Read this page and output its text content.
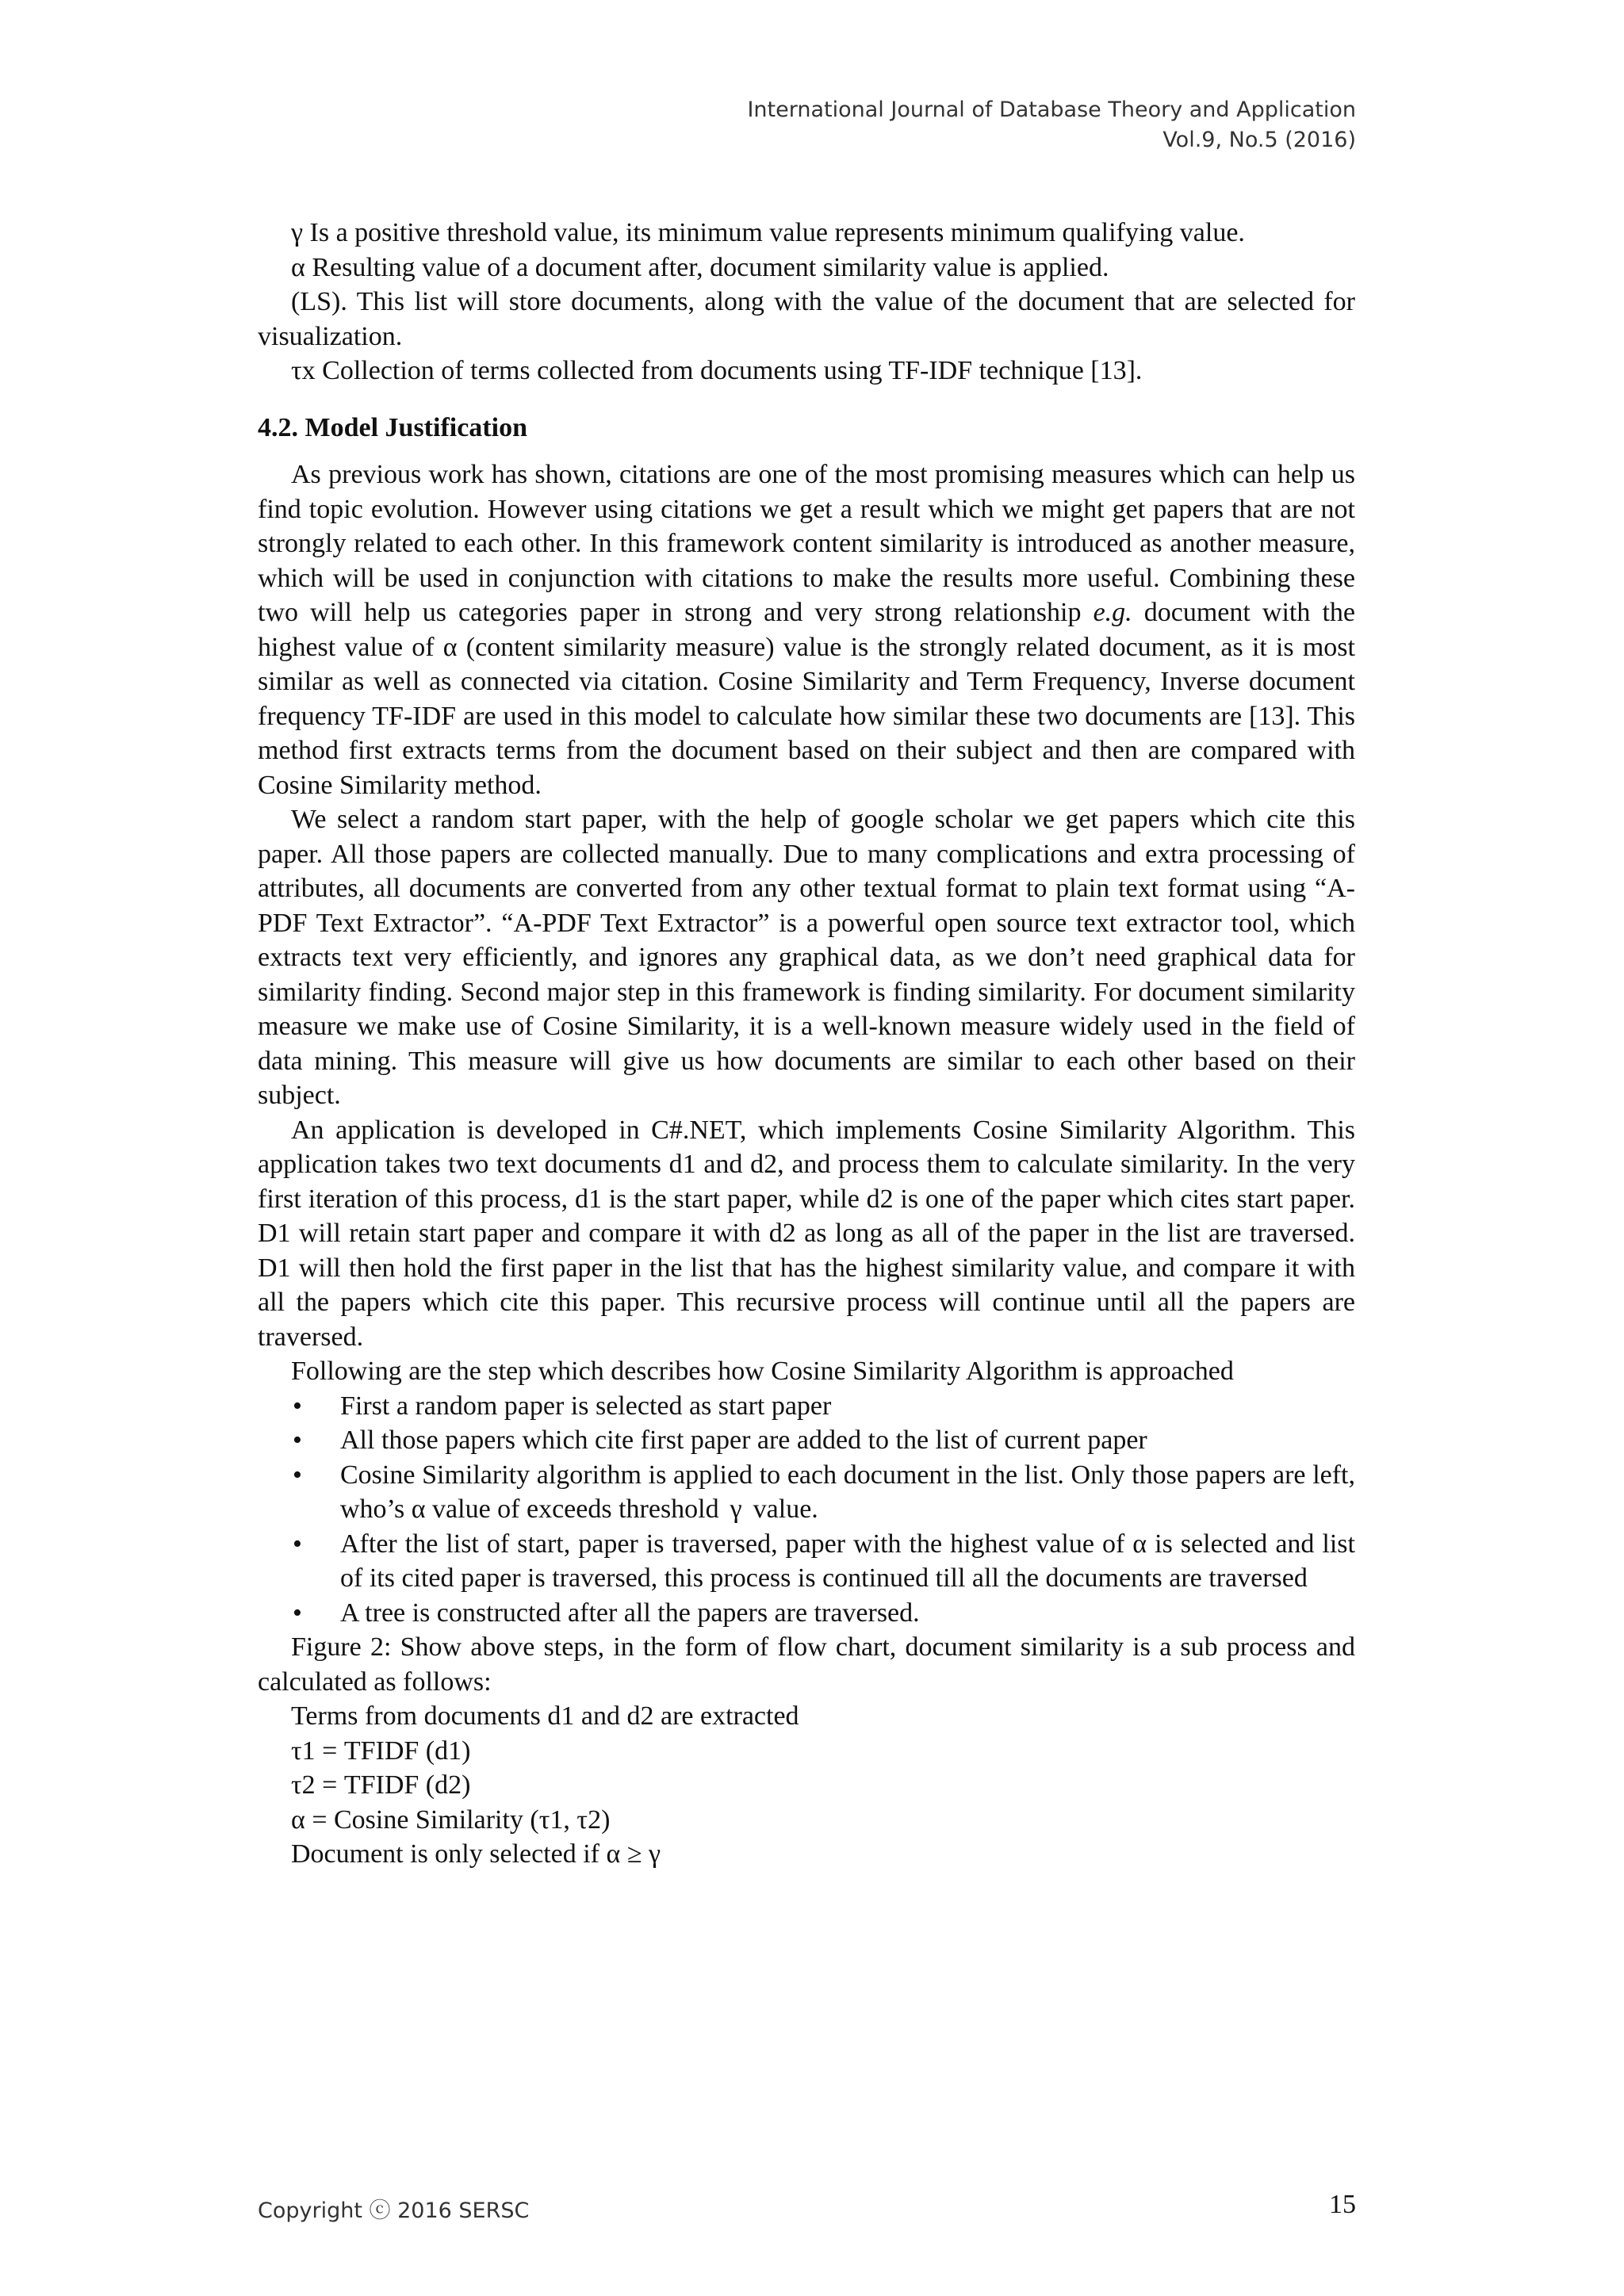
International Journal of Database Theory and Application
Vol.9, No.5 (2016)

γ Is a positive threshold value, its minimum value represents minimum qualifying value.

α Resulting value of a document after, document similarity value is applied.

(LS). This list will store documents, along with the value of the document that are selected for visualization.

τx Collection of terms collected from documents using TF-IDF technique [13].

4.2. Model Justification

As previous work has shown, citations are one of the most promising measures which can help us find topic evolution. However using citations we get a result which we might get papers that are not strongly related to each other. In this framework content similarity is introduced as another measure, which will be used in conjunction with citations to make the results more useful. Combining these two will help us categories paper in strong and very strong relationship e.g. document with the highest value of α (content similarity measure) value is the strongly related document, as it is most similar as well as connected via citation. Cosine Similarity and Term Frequency, Inverse document frequency TF-IDF are used in this model to calculate how similar these two documents are [13]. This method first extracts terms from the document based on their subject and then are compared with Cosine Similarity method.

We select a random start paper, with the help of google scholar we get papers which cite this paper. All those papers are collected manually. Due to many complications and extra processing of attributes, all documents are converted from any other textual format to plain text format using “A-PDF Text Extractor”. “A-PDF Text Extractor” is a powerful open source text extractor tool, which extracts text very efficiently, and ignores any graphical data, as we don’t need graphical data for similarity finding. Second major step in this framework is finding similarity. For document similarity measure we make use of Cosine Similarity, it is a well-known measure widely used in the field of data mining. This measure will give us how documents are similar to each other based on their subject.

An application is developed in C#.NET, which implements Cosine Similarity Algorithm. This application takes two text documents d1 and d2, and process them to calculate similarity. In the very first iteration of this process, d1 is the start paper, while d2 is one of the paper which cites start paper. D1 will retain start paper and compare it with d2 as long as all of the paper in the list are traversed. D1 will then hold the first paper in the list that has the highest similarity value, and compare it with all the papers which cite this paper. This recursive process will continue until all the papers are traversed.

Following are the step which describes how Cosine Similarity Algorithm is approached

• First a random paper is selected as start paper
• All those papers which cite first paper are added to the list of current paper
• Cosine Similarity algorithm is applied to each document in the list. Only those papers are left, who’s α value of exceeds threshold γ value.
• After the list of start, paper is traversed, paper with the highest value of α is selected and list of its cited paper is traversed, this process is continued till all the documents are traversed
• A tree is constructed after all the papers are traversed.

Figure 2: Show above steps, in the form of flow chart, document similarity is a sub process and calculated as follows:

Terms from documents d1 and d2 are extracted

τ1 = TFIDF (d1)

τ2 = TFIDF (d2)

α = Cosine Similarity (τ1, τ2)

Document is only selected if α ≥ γ

Copyright ⓒ 2016 SERSC	15
